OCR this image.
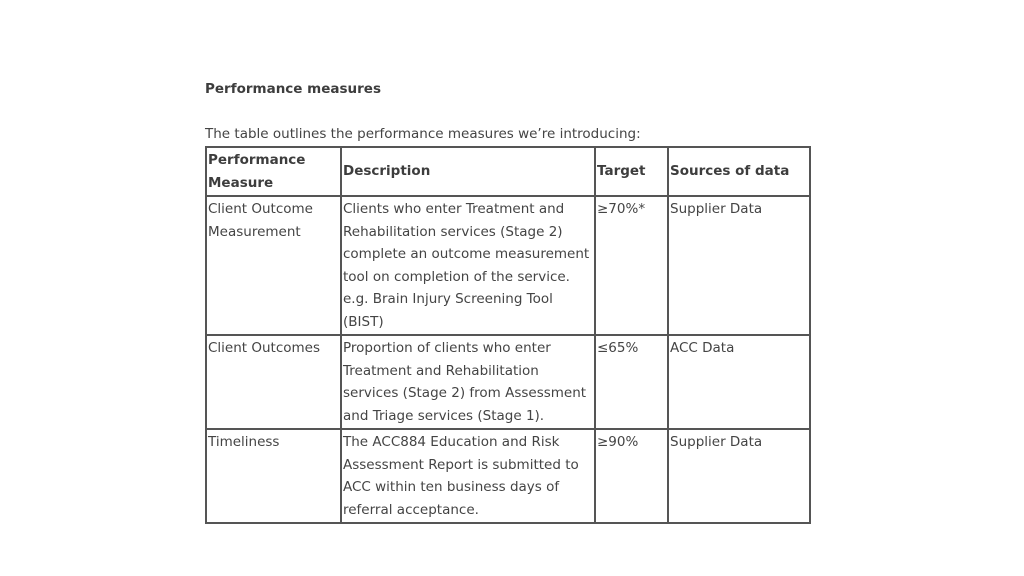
Performance measures
The table outlines the performance measures we’re introducing:
Performance Measure	Description	Target	Sources of data
Client Outcome Measurement	Clients who enter Treatment and Rehabilitation services (Stage 2) complete an outcome measurement tool on completion of the service. e.g. Brain Injury Screening Tool (BIST)	≥70%*	Supplier Data
Client Outcomes	Proportion of clients who enter Treatment and Rehabilitation services (Stage 2) from Assessment and Triage services (Stage 1).	≤65%	ACC Data
Timeliness	The ACC884 Education and Risk Assessment Report is submitted to ACC within ten business days of referral acceptance.	≥90%	Supplier Data
